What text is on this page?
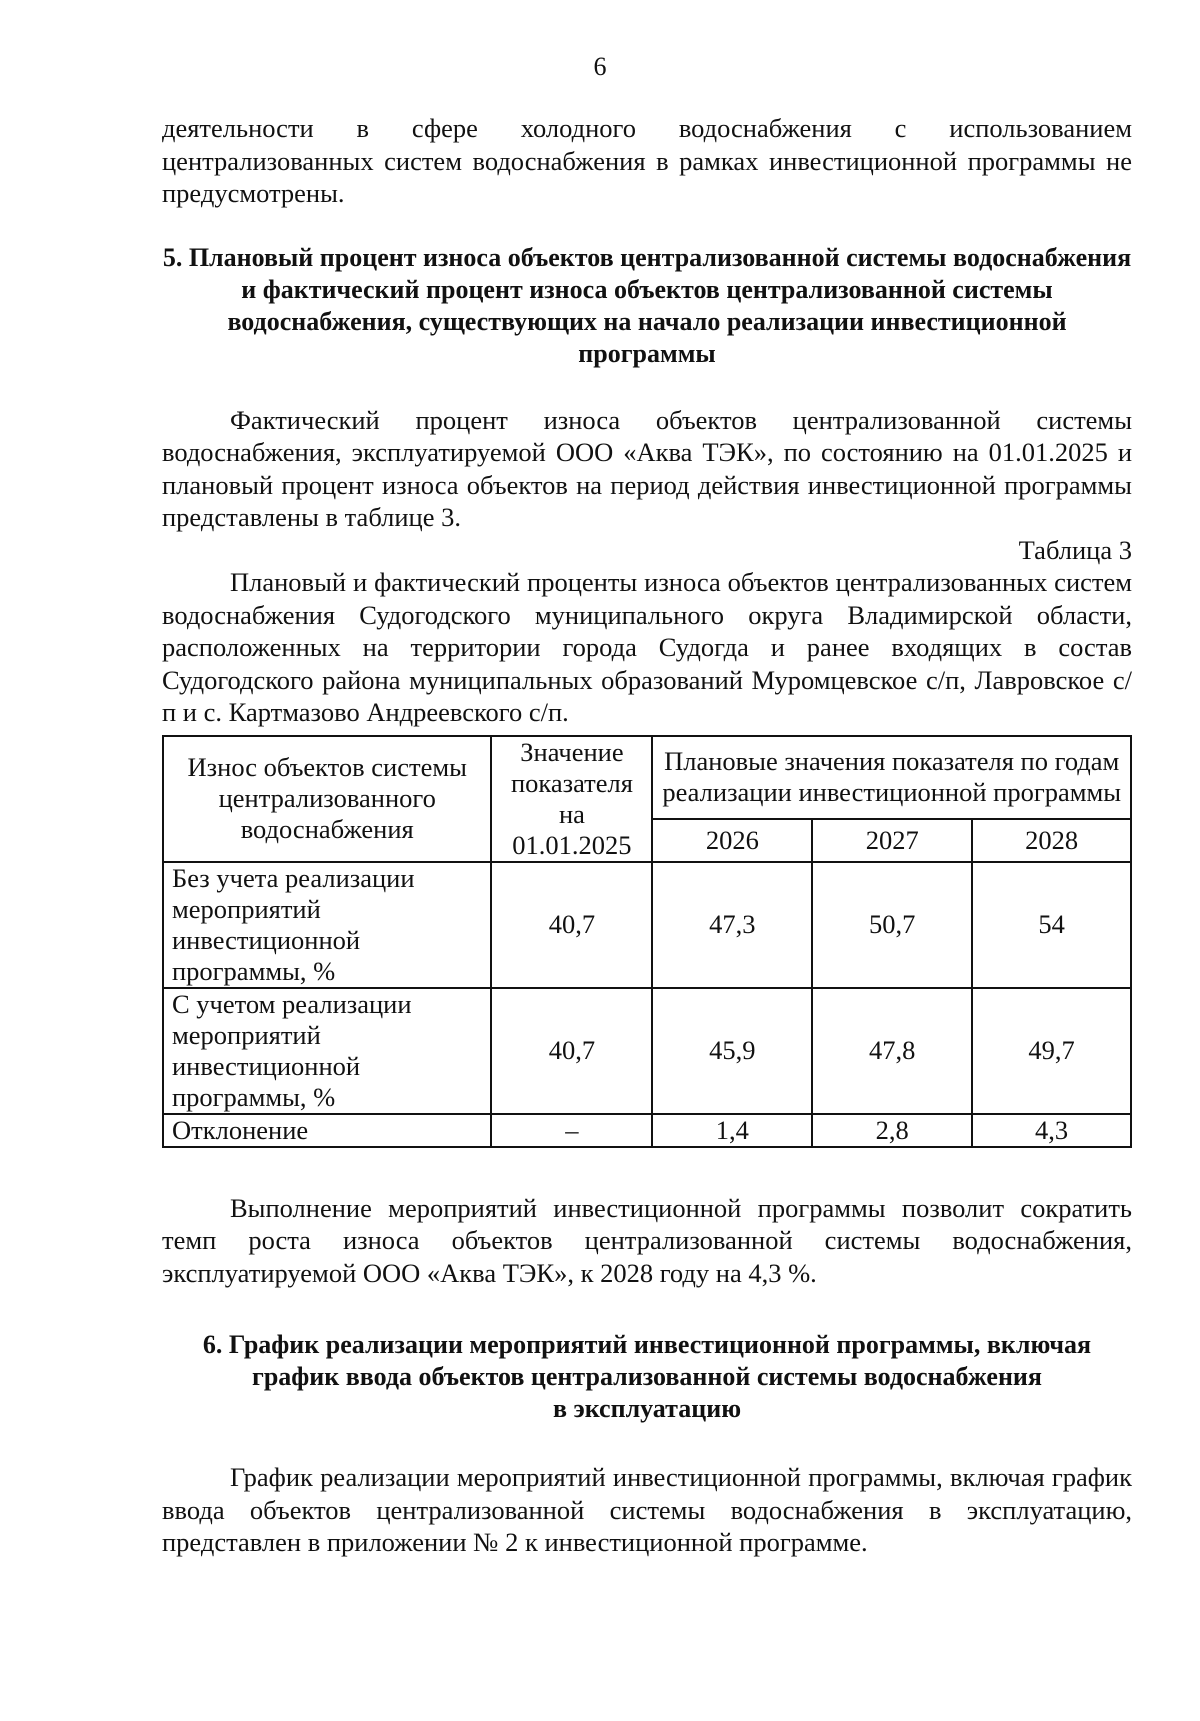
6

деятельности в сфере холодного водоснабжения с использованием централизованных систем водоснабжения в рамках инвестиционной программы не предусмотрены.

5. Плановый процент износа объектов централизованной системы водоснабжения и фактический процент износа объектов централизованной системы водоснабжения, существующих на начало реализации инвестиционной программы

Фактический процент износа объектов централизованной системы водоснабжения, эксплуатируемой ООО «Аква ТЭК», по состоянию на 01.01.2025 и плановый процент износа объектов на период действия инвестиционной программы представлены в таблице 3.

Таблица 3

Плановый и фактический проценты износа объектов централизованных систем водоснабжения Судогодского муниципального округа Владимирской области, расположенных на территории города Судогда и ранее входящих в состав Судогодского района муниципальных образований Муромцевское с/п, Лавровское с/п и с. Картмазово Андреевского с/п.

Износ объектов системы централизованного водоснабжения	Значение показателя на 01.01.2025	Плановые значения показателя по годам реализации инвестиционной программы		
		2026	2027	2028
Без учета реализации мероприятий инвестиционной программы, %	40,7	47,3	50,7	54
С учетом реализации мероприятий инвестиционной программы, %	40,7	45,9	47,8	49,7
Отклонение	–	1,4	2,8	4,3

Выполнение мероприятий инвестиционной программы позволит сократить темп роста износа объектов централизованной системы водоснабжения, эксплуатируемой ООО «Аква ТЭК», к 2028 году на 4,3 %.

6. График реализации мероприятий инвестиционной программы, включая
график ввода объектов централизованной системы водоснабжения
в эксплуатацию

График реализации мероприятий инвестиционной программы, включая график ввода объектов централизованной системы водоснабжения в эксплуатацию, представлен в приложении № 2 к инвестиционной программе.
